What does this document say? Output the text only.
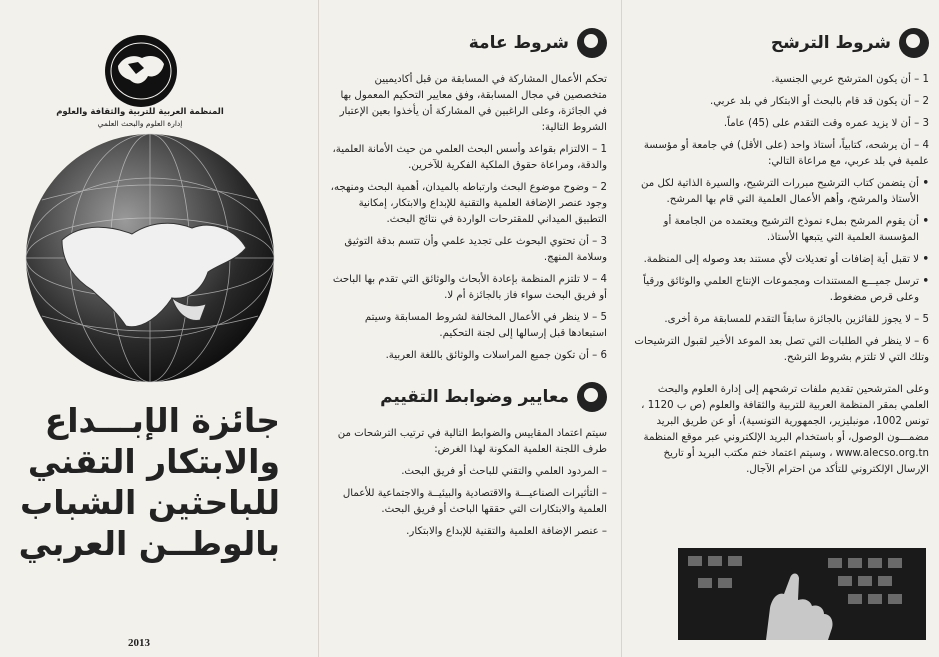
المنظمة العربية للتربية والثقافة والعلوم
إدارة العلوم والبحث العلمي
جائزة الإبـــداع
والابتكار التقني
للباحثين الشباب
بالوطــن العربي
2013
شروط عامة

تحكم الأعمال المشاركة في المسابقة من قبل أكاديميين متخصصين في مجال المسابقة، وفق معايير التحكيم المعمول بها في الجائزة، وعلى الراغبين في المشاركة أن يأخذوا بعين الإعتبار الشروط التالية:

1 – الالتزام بقواعد وأسس البحث العلمي من حيث الأمانة العلمية، والدقة، ومراعاة حقوق الملكية الفكرية للآخرين.
2 – وضوح موضوع البحث وارتباطه بالميدان، أهمية البحث ومنهجه، وجود عنصر الإضافة العلمية والتقنية للإبداع والابتكار، إمكانية التطبيق الميداني للمقترحات الواردة في نتائج البحث.
3 – أن تحتوي البحوث على تجديد علمي وأن تتسم بدقة التوثيق وسلامة المنهج.
4 – لا تلتزم المنظمة بإعادة الأبحاث والوثائق التي تقدم بها الباحث أو فريق البحث سواء فاز بالجائزة أم لا.
5 – لا ينظر في الأعمال المخالفة لشروط المسابقة وسيتم استبعادها قبل إرسالها إلى لجنة التحكيم.
6 – أن تكون جميع المراسلات والوثائق باللغة العربية.
معايير وضوابط التقييم

سيتم اعتماد المقاييس والضوابط التالية في ترتيب الترشحات من طرف اللجنة العلمية المكونة لهذا الغرض:

– المردود العلمي والتقني للباحث أو فريق البحث.
– التأثيرات الصناعيـــة والاقتصادية والبيئيــة والاجتماعية للأعمال العلمية والابتكارات التي حققها الباحث أو فريق البحث.
– عنصر الإضافة العلمية والتقنية للإبداع والابتكار.
شروط الترشح
1 – أن يكون المترشح عربي الجنسية.
2 – أن يكون قد قام بالبحث أو الابتكار في بلد عربي.
3 – أن لا يزيد عمره وقت التقدم على (45) عاماً.
4 – أن يرشحه، كتابياً، أستاذ واحد (على الأقل) في جامعة أو مؤسسة علمية في بلد عربي، مع مراعاة التالي:
• أن يتضمن كتاب الترشيح مبررات الترشيح، والسيرة الذاتية لكل من الأستاذ والمرشح، وأهم الأعمال العلمية التي قام بها المرشح.
• أن يقوم المرشح بملء نموذج الترشيح ويعتمده من الجامعة أو المؤسسة العلمية التي يتبعها الأستاذ.
• لا تقبل أية إضافات أو تعديلات لأي مستند بعد وصوله إلى المنظمة.
• ترسل جميـــع المستندات ومجموعات الإنتاج العلمي والوثائق ورقياً وعلى قرص مضغوط.
5 – لا يجوز للفائزين بالجائزة سابقاً التقدم للمسابقة مرة أخرى.
6 – لا ينظر في الطلبات التي تصل بعد الموعد الأخير لقبول الترشيحات وتلك التي لا تلتزم بشروط الترشح.

وعلى المترشحين تقديم ملفات ترشحهم إلى إدارة العلوم والبحث العلمي بمقر المنظمة العربية للتربية والثقافة والعلوم (ص ب 1120 ، تونس 1002، مونبليزير، الجمهورية التونسية)، أو عن طريق البريد مضمـــون الوصول، أو باستخدام البريد الإلكتروني عبر موقع المنظمة www.alecso.org.tn ، وسيتم اعتماد ختم مكتب البريد أو تاريخ الإرسال الإلكتروني للتأكد من احترام الآجال.
